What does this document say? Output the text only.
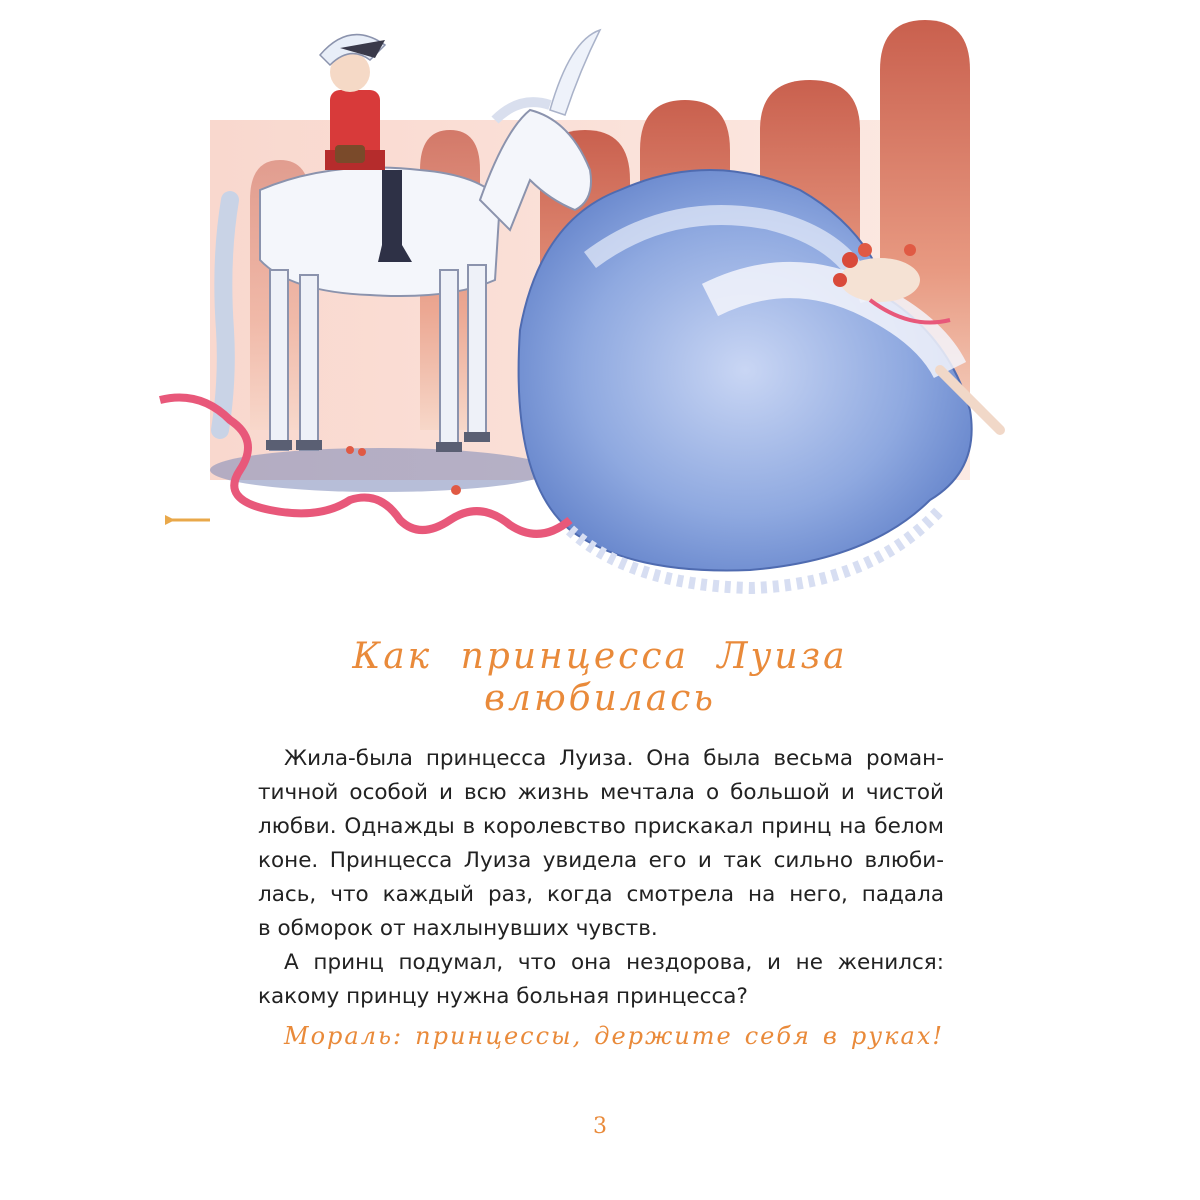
Как принцесса Луиза
влюбилась
Жила-была принцесса Луиза. Она была весьма роман-
тичной особой и всю жизнь мечтала о большой и чистой
любви. Однажды в королевство прискакал принц на белом
коне. Принцесса Луиза увидела его и так сильно влюби-
лась, что каждый раз, когда смотрела на него, падала
в обморок от нахлынувших чувств.
А принц подумал, что она нездорова, и не женился:
какому принцу нужна больная принцесса?
Мораль: принцессы, держите себя в руках!
3
